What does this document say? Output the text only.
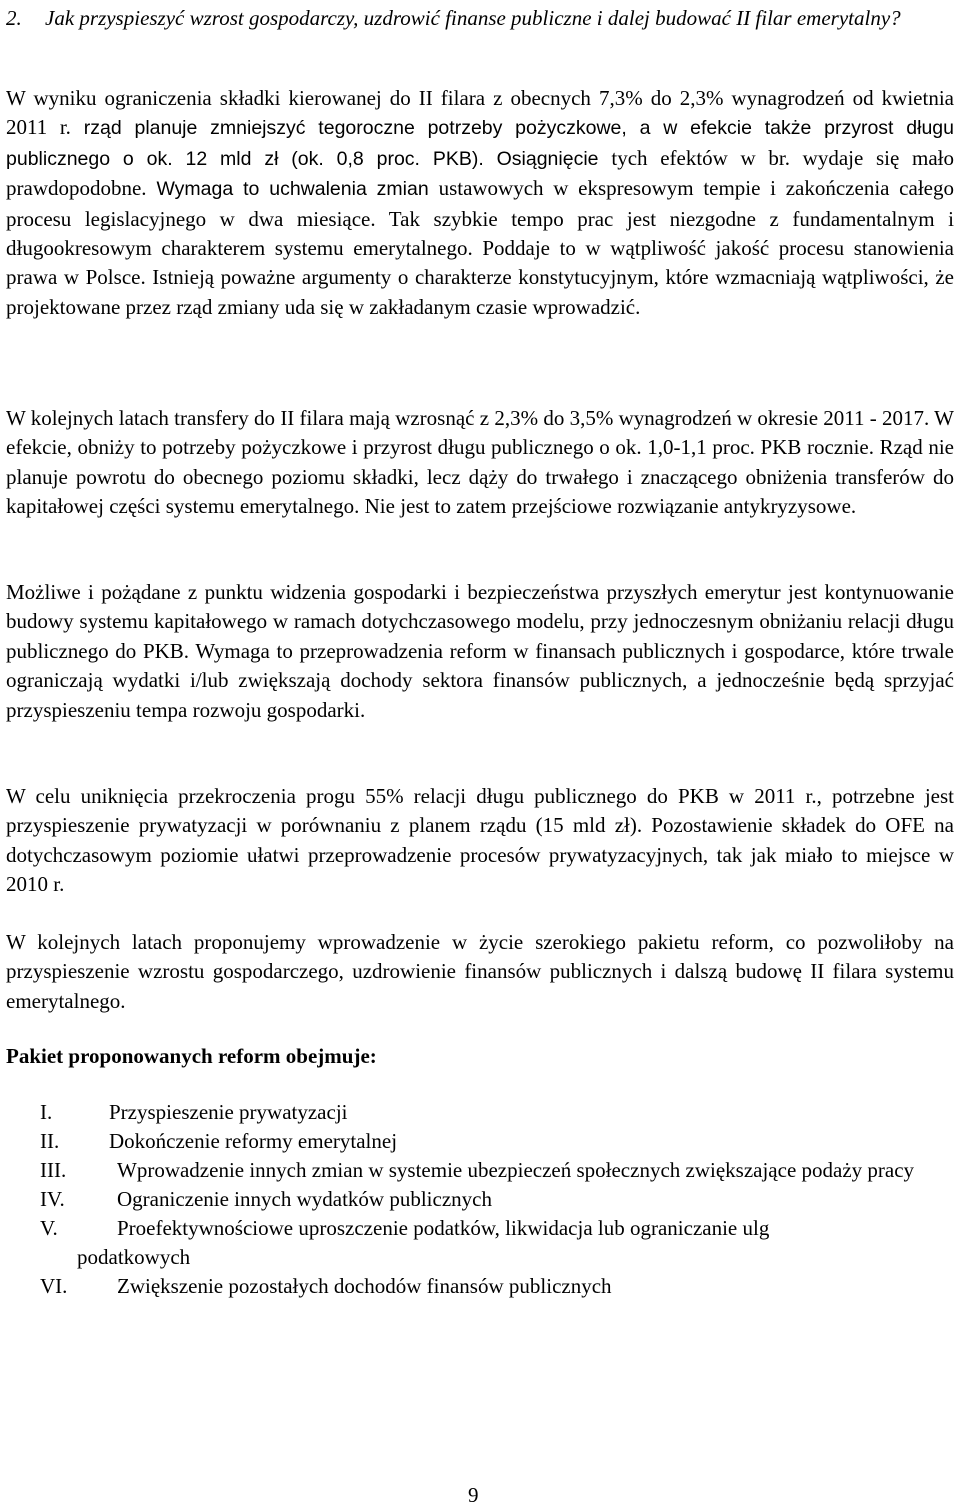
2.	Jak przyspieszyć wzrost gospodarczy, uzdrowić finanse publiczne i dalej budować II filar emerytalny?

W wyniku ograniczenia składki kierowanej do II filara z obecnych 7,3% do 2,3% wynagrodzeń od kwietnia 2011 r. rząd planuje zmniejszyć tegoroczne potrzeby pożyczkowe, a w efekcie także przyrost długu publicznego o ok. 12 mld zł (ok. 0,8 proc. PKB). Osiągnięcie tych efektów w br. wydaje się mało prawdopodobne. Wymaga to uchwalenia zmian ustawowych w ekspresowym tempie i zakończenia całego procesu legislacyjnego w dwa miesiące. Tak szybkie tempo prac jest niezgodne z fundamentalnym i długookresowym charakterem systemu emerytalnego. Poddaje to w wątpliwość jakość procesu stanowienia prawa w Polsce. Istnieją poważne argumenty o charakterze konstytucyjnym, które wzmacniają wątpliwości, że projektowane przez rząd zmiany uda się w zakładanym czasie wprowadzić.

W kolejnych latach transfery do II filara mają wzrosnąć z 2,3% do 3,5% wynagrodzeń w okresie 2011 - 2017. W efekcie, obniży to potrzeby pożyczkowe i przyrost długu publicznego o ok. 1,0-1,1 proc. PKB rocznie. Rząd nie planuje powrotu do obecnego poziomu składki, lecz dąży do trwałego i znaczącego obniżenia transferów do kapitałowej części systemu emerytalnego. Nie jest to zatem przejściowe rozwiązanie antykryzysowe.

Możliwe i pożądane z punktu widzenia gospodarki i bezpieczeństwa przyszłych emerytur jest kontynuowanie budowy systemu kapitałowego w ramach dotychczasowego modelu, przy jednoczesnym obniżaniu relacji długu publicznego do PKB. Wymaga to przeprowadzenia reform w finansach publicznych i gospodarce, które trwale ograniczają wydatki i/lub zwiększają dochody sektora finansów publicznych, a jednocześnie będą sprzyjać przyspieszeniu tempa rozwoju gospodarki.

W celu uniknięcia przekroczenia progu 55% relacji długu publicznego do PKB w 2011 r., potrzebne jest przyspieszenie prywatyzacji w porównaniu z planem rządu (15 mld zł). Pozostawienie składek do OFE na dotychczasowym poziomie ułatwi przeprowadzenie procesów prywatyzacyjnych, tak jak miało to miejsce w 2010 r.

W kolejnych latach proponujemy wprowadzenie w życie szerokiego pakietu reform, co pozwoliłoby na przyspieszenie wzrostu gospodarczego, uzdrowienie finansów publicznych i dalszą budowę II filara systemu emerytalnego.

Pakiet proponowanych reform obejmuje:
I.	Przyspieszenie prywatyzacji
II.	Dokończenie reformy emerytalnej
III.	Wprowadzenie innych zmian w systemie ubezpieczeń społecznych zwiększające podaży pracy
IV.	Ograniczenie innych wydatków publicznych
V.	Proefektywnościowe uproszczenie podatków, likwidacja lub ograniczanie ulg
podatkowych
VI.	Zwiększenie pozostałych dochodów finansów publicznych
9
